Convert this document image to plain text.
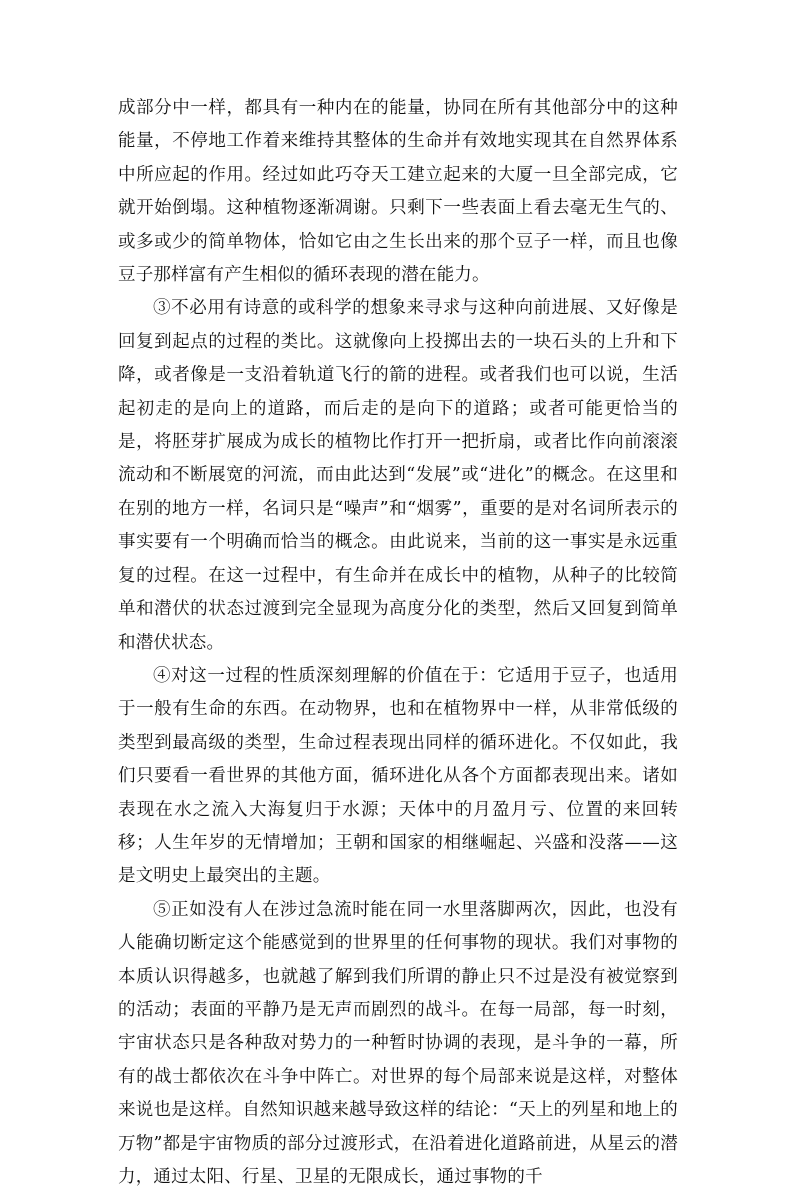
成部分中一样，都具有一种内在的能量，协同在所有其他部分中的这种能量，不停地工作着来维持其整体的生命并有效地实现其在自然界体系中所应起的作用。经过如此巧夺天工建立起来的大厦一旦全部完成，它就开始倒塌。这种植物逐渐凋谢。只剩下一些表面上看去毫无生气的、或多或少的简单物体，恰如它由之生长出来的那个豆子一样，而且也像豆子那样富有产生相似的循环表现的潜在能力。

③不必用有诗意的或科学的想象来寻求与这种向前进展、又好像是回复到起点的过程的类比。这就像向上投掷出去的一块石头的上升和下降，或者像是一支沿着轨道飞行的箭的进程。或者我们也可以说，生活起初走的是向上的道路，而后走的是向下的道路；或者可能更恰当的是，将胚芽扩展成为成长的植物比作打开一把折扇，或者比作向前滚滚流动和不断展宽的河流，而由此达到“发展”或“进化”的概念。在这里和在别的地方一样，名词只是“噪声”和“烟雾”，重要的是对名词所表示的事实要有一个明确而恰当的概念。由此说来，当前的这一事实是永远重复的过程。在这一过程中，有生命并在成长中的植物，从种子的比较简单和潜伏的状态过渡到完全显现为高度分化的类型，然后又回复到简单和潜伏状态。

④对这一过程的性质深刻理解的价值在于：它适用于豆子，也适用于一般有生命的东西。在动物界，也和在植物界中一样，从非常低级的类型到最高级的类型，生命过程表现出同样的循环进化。不仅如此，我们只要看一看世界的其他方面，循环进化从各个方面都表现出来。诸如表现在水之流入大海复归于水源；天体中的月盈月亏、位置的来回转移；人生年岁的无情增加；王朝和国家的相继崛起、兴盛和没落——这是文明史上最突出的主题。

⑤正如没有人在涉过急流时能在同一水里落脚两次，因此，也没有人能确切断定这个能感觉到的世界里的任何事物的现状。我们对事物的本质认识得越多，也就越了解到我们所谓的静止只不过是没有被觉察到的活动；表面的平静乃是无声而剧烈的战斗。在每一局部，每一时刻，宇宙状态只是各种敌对势力的一种暂时协调的表现，是斗争的一幕，所有的战士都依次在斗争中阵亡。对世界的每个局部来说是这样，对整体来说也是这样。自然知识越来越导致这样的结论：“天上的列星和地上的万物”都是宇宙物质的部分过渡形式，在沿着进化道路前进，从星云的潜力，通过太阳、行星、卫星的无限成长，通过事物的千
